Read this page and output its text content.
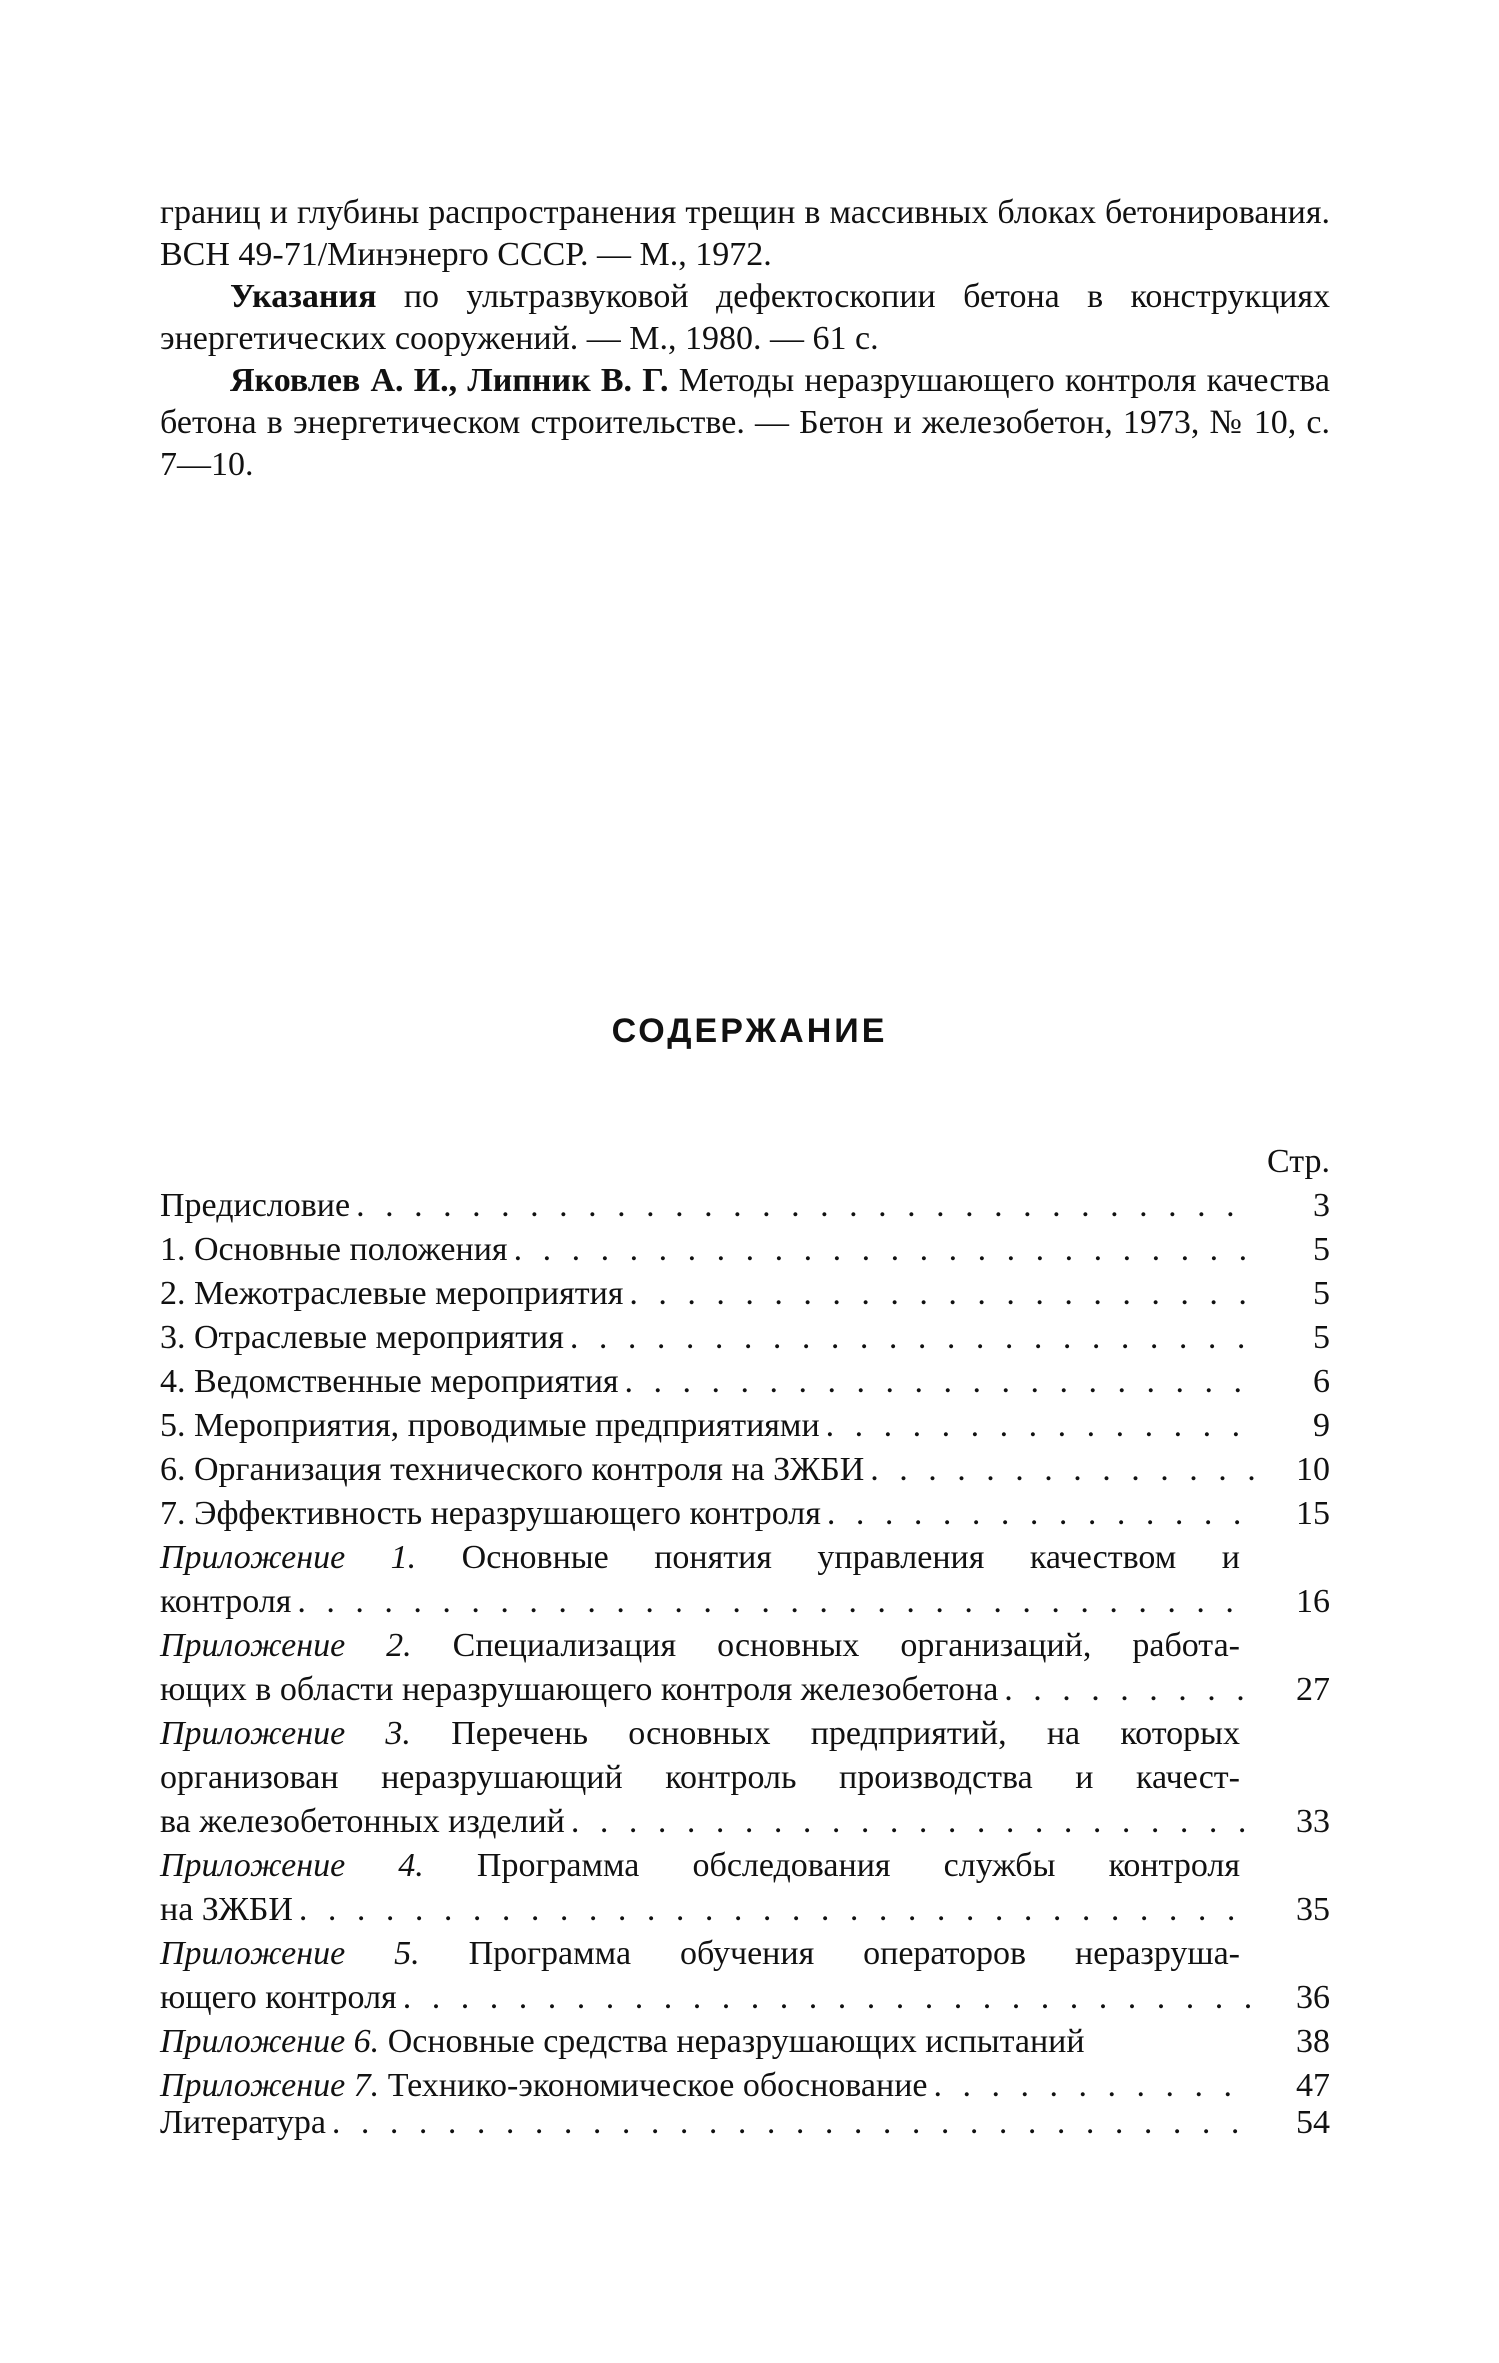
границ и глубины распространения трещин в массивных блоках бетонирования. ВСН 49-71/Минэнерго СССР. — М., 1972.

Указания по ультразвуковой дефектоскопии бетона в конструкциях энергетических сооружений. — М., 1980. — 61 с.

Яковлев А. И., Липник В. Г. Методы неразрушающего контроля качества бетона в энергетическом строительстве. — Бетон и железобетон, 1973, № 10, с. 7—10.

СОДЕРЖАНИЕ
Стр.
Предисловие . . .	3
1. Основные положения . . .	5
2. Межотраслевые мероприятия . . .	5
3. Отраслевые мероприятия . . .	5
4. Ведомственные мероприятия . . .	6
5. Мероприятия, проводимые предприятиями . . .	9
6. Организация технического контроля на ЗЖБИ . . .	10
7. Эффективность неразрушающего контроля . . .	15
Приложение 1. Основные понятия управления качеством и
контроля . . .	16
Приложение 2. Специализация основных организаций, работа-
ющих в области неразрушающего контроля железобетона . . .	27
Приложение 3. Перечень основных предприятий, на которых
организован неразрушающий контроль производства и качест-
ва железобетонных изделий . . .	33
Приложение 4. Программа обследования службы контроля
на ЗЖБИ . . .	35
Приложение 5. Программа обучения операторов неразруша-
ющего контроля . . .	36
Приложение 6. Основные средства неразрушающих испытаний	38
Приложение 7. Технико-экономическое обоснование . . .	47
Литература . . .	54
